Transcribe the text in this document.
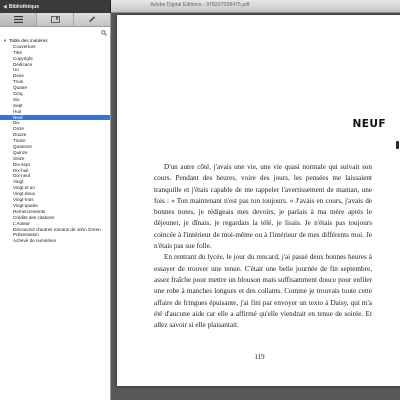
Adobe Digital Editions - 978207038475.pdf
◀ Bibliothèque
▼ Table des matières
Couverture
Titre
Copyright
Dédicace
Un
Deux
Trois
Quatre
Cinq
Six
Sept
Huit
Neuf
Dix
Onze
Douze
Treize
Quatorze
Quinze
Seize
Dix-sept
Dix-huit
Dix-neuf
Vingt
Vingt et un
Vingt-deux
Vingt-trois
Vingt-quatre
Remerciements
Crédits des citations
L'Auteur
Découvrez d'autres romans de John Green
Présentation
Achevé de numériser
NEUF

D'un autre côté, j'avais une vie, une vie quasi normale qui suivait son cours. Pendant des heures, voire des jours, les pensées me laissaient tranquille et j'étais capable de me rappeler l'avertissement de maman, une fois : « Ton maintenant n'est pas ton toujours. » J'avais en cours, j'avais de bonnes notes, je rédigeais mes devoirs, je parlais à ma mère après le déjeuner, je dînais, je regardais la télé, je lisais. Je n'étais pas toujours coincée à l'intérieur de moi-même ou à l'intérieur de mes différents moi. Je n'étais pas sue folle.

En rentrant du lycée, le jour du rencard, j'ai passé deux bonnes heures à essayer de trouver une tenue. C'était une belle journée de fin septembre, assez fraîche pour mettre un blouson mais suffisamment douce pour enfiler une robe à manches longues et des collants. Comme je trouvais toute cette affaire de fringues épuisante, j'ai fini par envoyer un texto à Daisy, qui m'a été d'aucune aide car elle a affirmé qu'elle viendrait en tenue de soirée. Et allez savoir si elle plaisantait.

119
